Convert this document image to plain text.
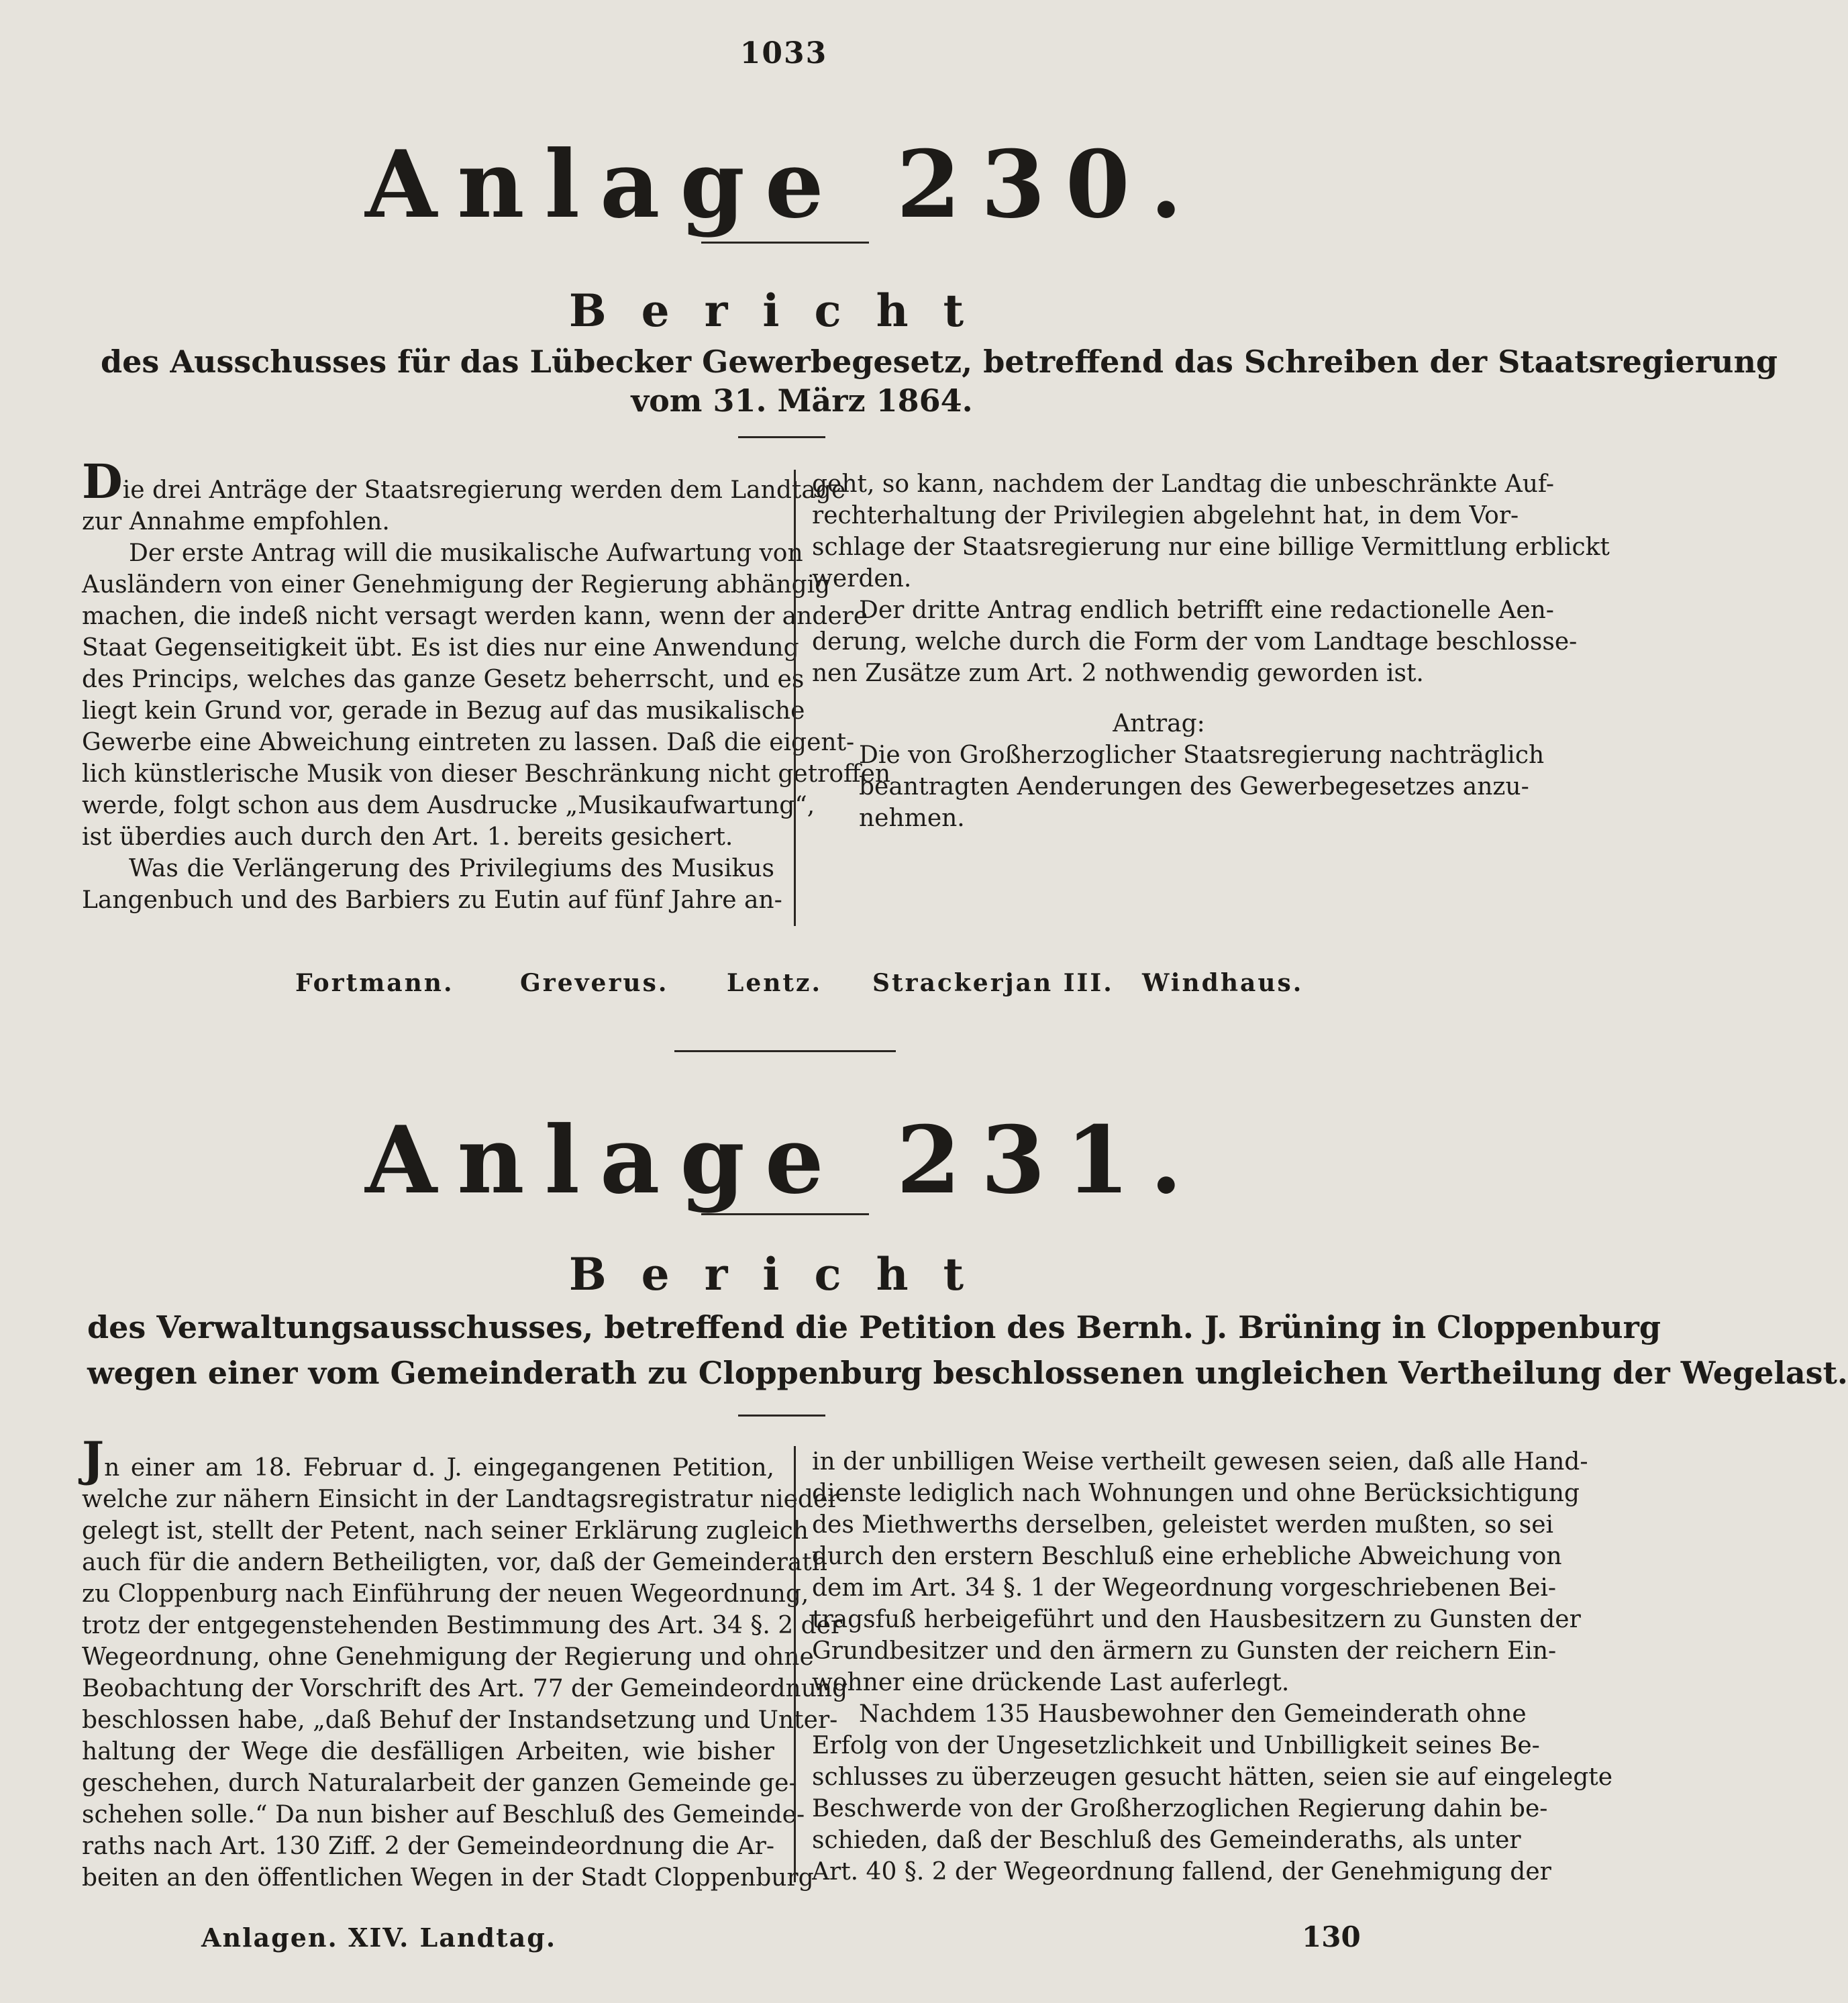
1033
Anlage 230.
Bericht
des Ausschusses für das Lübecker Gewerbegesetz, betreffend das Schreiben der Staatsregierung
vom 31. März 1864.

Die drei Anträge der Staatsregierung werden dem Landtage

zur Annahme empfohlen.

Der erste Antrag will die musikalische Aufwartung von

Ausländern von einer Genehmigung der Regierung abhängig

machen, die indeß nicht versagt werden kann, wenn der andere

Staat Gegenseitigkeit übt. Es ist dies nur eine Anwendung

des Princips, welches das ganze Gesetz beherrscht, und es

liegt kein Grund vor, gerade in Bezug auf das musikalische

Gewerbe eine Abweichung eintreten zu lassen. Daß die eigent-

lich künstlerische Musik von dieser Beschränkung nicht getroffen

werde, folgt schon aus dem Ausdrucke „Musikaufwartung“,

ist überdies auch durch den Art. 1. bereits gesichert.

Was die Verlängerung des Privilegiums des Musikus

Langenbuch und des Barbiers zu Eutin auf fünf Jahre an-

geht, so kann, nachdem der Landtag die unbeschränkte Auf-

rechterhaltung der Privilegien abgelehnt hat, in dem Vor-

schlage der Staatsregierung nur eine billige Vermittlung erblickt

werden.

Der dritte Antrag endlich betrifft eine redactionelle Aen-

derung, welche durch die Form der vom Landtage beschlosse-

nen Zusätze zum Art. 2 nothwendig geworden ist.

Antrag:

Die von Großherzoglicher Staatsregierung nachträglich

beantragten Aenderungen des Gewerbegesetzes anzu-

nehmen.

Fortmann.	Greverus. Lentz. Strackerjan III. Windhaus.
Anlage 231.
Bericht
des Verwaltungsausschusses, betreffend die Petition des Bernh. J. Brüning in Cloppenburg
wegen einer vom Gemeinderath zu Cloppenburg beschlossenen ungleichen Vertheilung der Wegelast.

Jn einer am 18. Februar d. J. eingegangenen Petition,

welche zur nähern Einsicht in der Landtagsregistratur nieder-

gelegt ist, stellt der Petent, nach seiner Erklärung zugleich

auch für die andern Betheiligten, vor, daß der Gemeinderath

zu Cloppenburg nach Einführung der neuen Wegeordnung,

trotz der entgegenstehenden Bestimmung des Art. 34 §. 2 der

Wegeordnung, ohne Genehmigung der Regierung und ohne

Beobachtung der Vorschrift des Art. 77 der Gemeindeordnung

beschlossen habe, „daß Behuf der Instandsetzung und Unter-

haltung der Wege die desfälligen Arbeiten, wie bisher

geschehen, durch Naturalarbeit der ganzen Gemeinde ge-

schehen solle.“ Da nun bisher auf Beschluß des Gemeinde-

raths nach Art. 130 Ziff. 2 der Gemeindeordnung die Ar-

beiten an den öffentlichen Wegen in der Stadt Cloppenburg

in der unbilligen Weise vertheilt gewesen seien, daß alle Hand-

dienste lediglich nach Wohnungen und ohne Berücksichtigung

des Miethwerths derselben, geleistet werden mußten, so sei

durch den erstern Beschluß eine erhebliche Abweichung von

dem im Art. 34 §. 1 der Wegeordnung vorgeschriebenen Bei-

tragsfuß herbeigeführt und den Hausbesitzern zu Gunsten der

Grundbesitzer und den ärmern zu Gunsten der reichern Ein-

wohner eine drückende Last auferlegt.

Nachdem 135 Hausbewohner den Gemeinderath ohne

Erfolg von der Ungesetzlichkeit und Unbilligkeit seines Be-

schlusses zu überzeugen gesucht hätten, seien sie auf eingelegte

Beschwerde von der Großherzoglichen Regierung dahin be-

schieden, daß der Beschluß des Gemeinderaths, als unter

Art. 40 §. 2 der Wegeordnung fallend, der Genehmigung der

Anlagen. XIV. Landtag.	130
